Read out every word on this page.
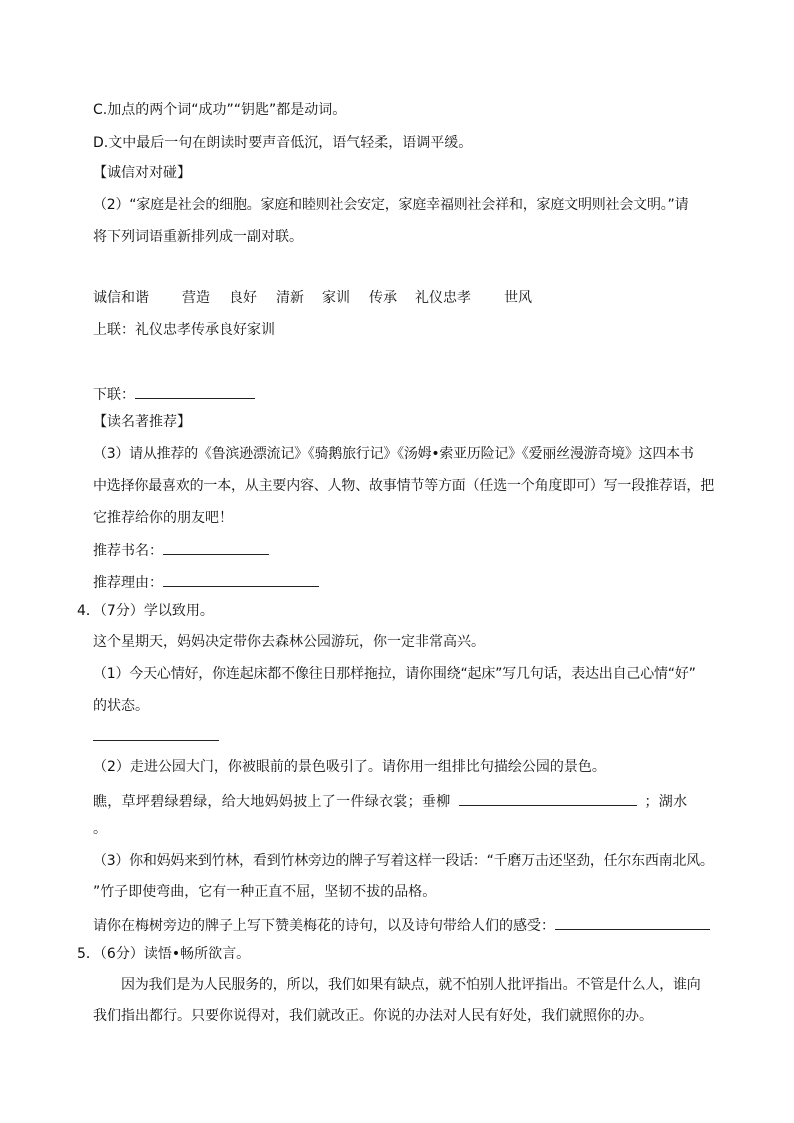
C.加点的两个词“成功”“钥匙”都是动词。
D.文中最后一句在朗读时要声音低沉，语气轻柔，语调平缓。
【诚信对对碰】
（2）“家庭是社会的细胞。家庭和睦则社会安定，家庭幸福则社会祥和，家庭文明则社会文明。”请
将下列词语重新排列成一副对联。
诚信和谐 营造 良好 清新 家训 传承 礼仪忠孝 世风
上联：礼仪忠孝传承良好家训
下联：
【读名著推荐】
（3）请从推荐的《鲁滨逊漂流记》《骑鹅旅行记》《汤姆•索亚历险记》《爱丽丝漫游奇境》这四本书
中选择你最喜欢的一本，从主要内容、人物、故事情节等方面（任选一个角度即可）写一段推荐语，把
它推荐给你的朋友吧！
推荐书名：
推荐理由：
4．（7分）学以致用。
这个星期天，妈妈决定带你去森林公园游玩，你一定非常高兴。
（1）今天心情好，你连起床都不像往日那样拖拉，请你围绕“起床”写几句话，表达出自己心情“好”
的状态。
（2）走进公园大门，你被眼前的景色吸引了。请你用一组排比句描绘公园的景色。
瞧，草坪碧绿碧绿，给大地妈妈披上了一件绿衣裳；垂柳	；湖水
。
（3）你和妈妈来到竹林，看到竹林旁边的牌子写着这样一段话：“千磨万击还坚劲，任尔东西南北风。
”竹子即使弯曲，它有一种正直不屈，坚韧不拔的品格。
请你在梅树旁边的牌子上写下赞美梅花的诗句，以及诗句带给人们的感受：
5．（6分）读悟•畅所欲言。
因为我们是为人民服务的，所以，我们如果有缺点，就不怕别人批评指出。不管是什么人，谁向
我们指出都行。只要你说得对，我们就改正。你说的办法对人民有好处，我们就照你的办。
